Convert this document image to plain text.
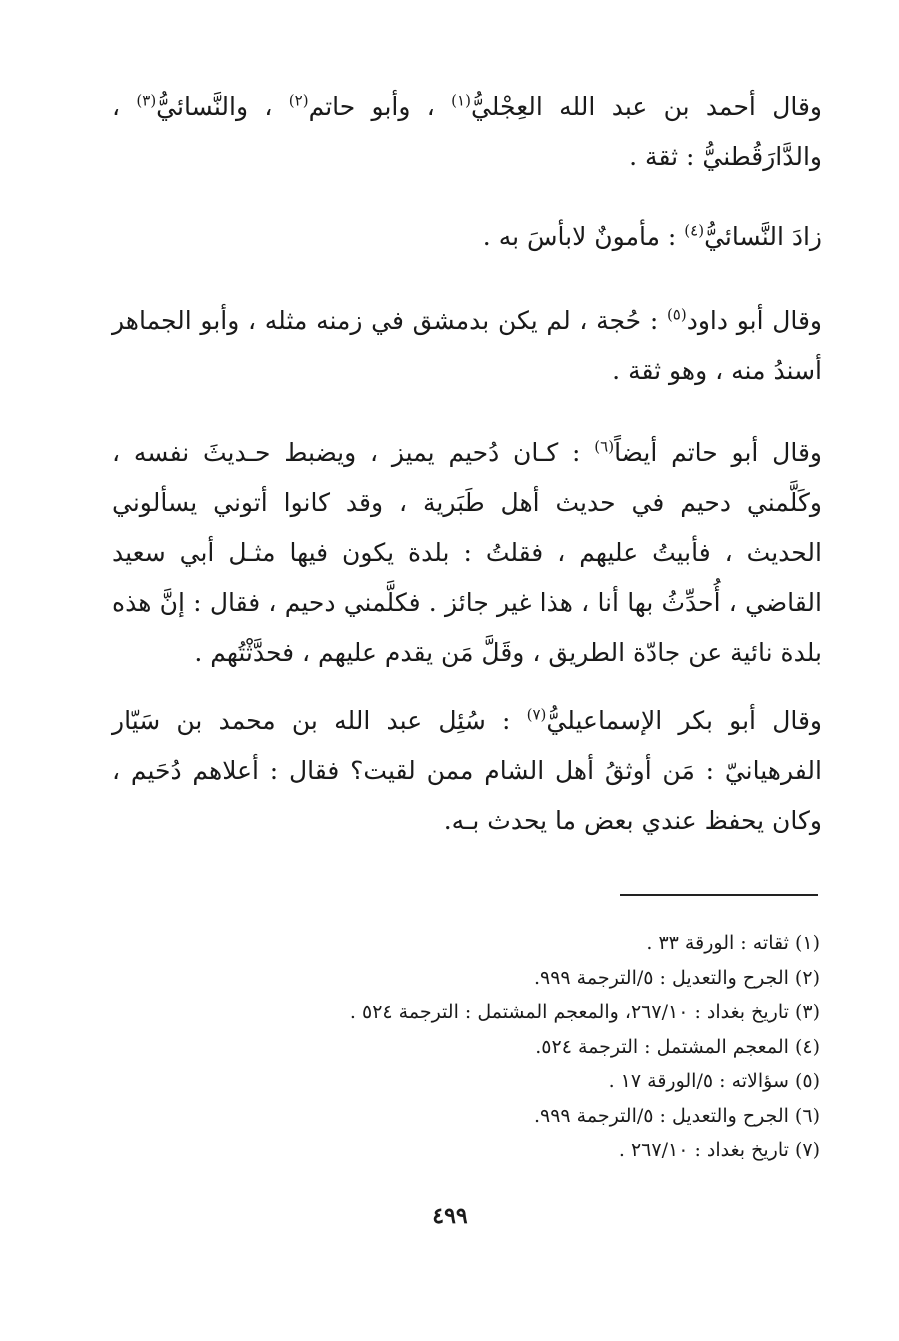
وقال أحمد بن عبد الله العِجْليُّ$^{(١)}$ ، وأبو حاتم$^{(٢)}$ ، والنَّسائيُّ$^{(٣)}$ ، والدَّارَقُطنيُّ : ثقة .

زادَ النَّسائيُّ$^{(٤)}$ : مأمونٌ لابأسَ به .

وقال أبو داود$^{(٥)}$ : حُجة ، لم يكن بدمشق في زمنه مثله ، وأبو الجماهر أسندُ منه ، وهو ثقة .

وقال أبو حاتم أيضاً$^{(٦)}$ : كـان دُحيم يميز ، ويضبط حـديثَ نفسه ، وكَلَّمني دحيم في حديث أهل طَبَرية ، وقد كانوا أتوني يسألوني الحديث ، فأبيتُ عليهم ، فقلتُ : بلدة يكون فيها مثـل أبي سعيد القاضي ، أُحدِّثُ بها أنا ، هذا غير جائز . فكلَّمني دحيم ، فقال : إنَّ هذه بلدة نائية عن جادّة الطريق ، وقَلَّ مَن يقدم عليهم ، فحدَّثْتُهم .

وقال أبو بكر الإسماعيليُّ$^{(٧)}$ : سُئِل عبد الله بن محمد بن سَيّار الفرهيانيّ : مَن أوثقُ أهل الشام ممن لقيت؟ فقال : أعلاهم دُحَيم ، وكان يحفظ عندي بعض ما يحدث بـه.

(١) ثقاته : الورقة ٣٣ .
(٢) الجرح والتعديل : ٥/الترجمة ٩٩٩.
(٣) تاريخ بغداد : ٢٦٧/١٠، والمعجم المشتمل : الترجمة ٥٢٤ .
(٤) المعجم المشتمل : الترجمة ٥٢٤.
(٥) سؤالاته : ٥/الورقة ١٧ .
(٦) الجرح والتعديل : ٥/الترجمة ٩٩٩.
(٧) تاريخ بغداد : ٢٦٧/١٠ .
٤٩٩
